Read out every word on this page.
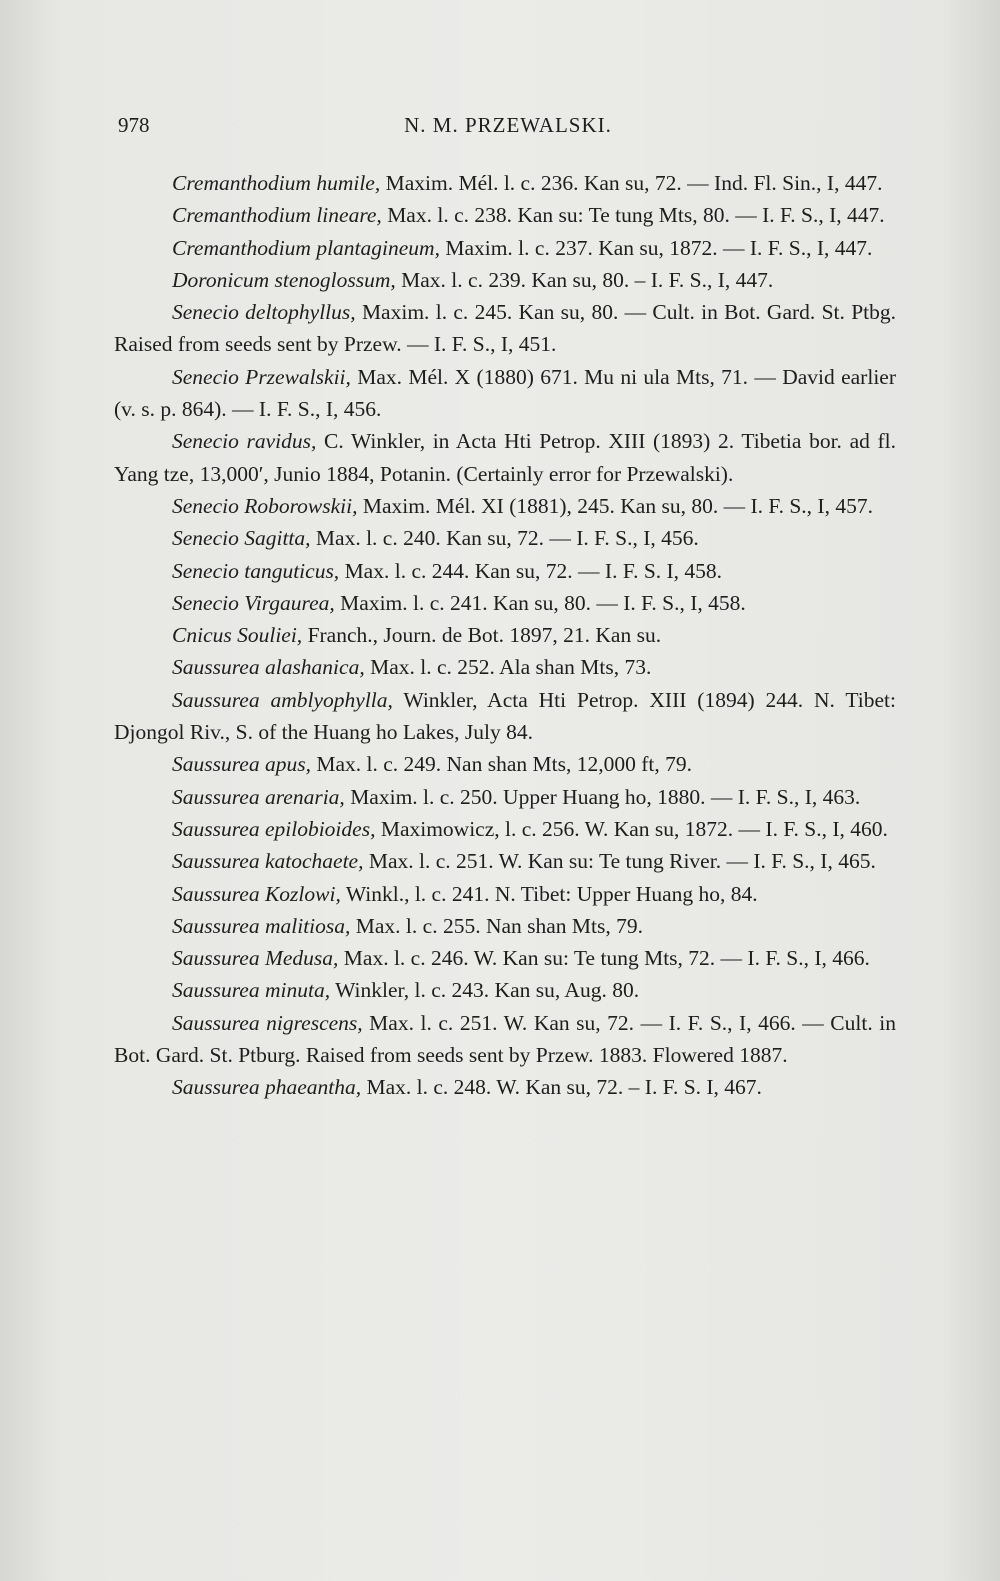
978	N. M. PRZEWALSKI.

Cremanthodium humile, Maxim. Mél. l. c. 236. Kan su, 72. — Ind. Fl. Sin., I, 447.

Cremanthodium lineare, Max. l. c. 238. Kan su: Te tung Mts, 80. — I. F. S., I, 447.

Cremanthodium plantagineum, Maxim. l. c. 237. Kan su, 1872. — I. F. S., I, 447.

Doronicum stenoglossum, Max. l. c. 239. Kan su, 80. – I. F. S., I, 447.

Senecio deltophyllus, Maxim. l. c. 245. Kan su, 80. — Cult. in Bot. Gard. St. Ptbg. Raised from seeds sent by Przew. — I. F. S., I, 451.

Senecio Przewalskii, Max. Mél. X (1880) 671. Mu ni ula Mts, 71. — David earlier (v. s. p. 864). — I. F. S., I, 456.

Senecio ravidus, C. Winkler, in Acta Hti Petrop. XIII (1893) 2. Tibetia bor. ad fl. Yang tze, 13,000′, Junio 1884, Potanin. (Certainly error for Przewalski).

Senecio Roborowskii, Maxim. Mél. XI (1881), 245. Kan su, 80. — I. F. S., I, 457.

Senecio Sagitta, Max. l. c. 240. Kan su, 72. — I. F. S., I, 456.

Senecio tanguticus, Max. l. c. 244. Kan su, 72. — I. F. S. I, 458.

Senecio Virgaurea, Maxim. l. c. 241. Kan su, 80. — I. F. S., I, 458.

Cnicus Souliei, Franch., Journ. de Bot. 1897, 21. Kan su.

Saussurea alashanica, Max. l. c. 252. Ala shan Mts, 73.

Saussurea amblyophylla, Winkler, Acta Hti Petrop. XIII (1894) 244. N. Tibet: Djongol Riv., S. of the Huang ho Lakes, July 84.

Saussurea apus, Max. l. c. 249. Nan shan Mts, 12,000 ft, 79.

Saussurea arenaria, Maxim. l. c. 250. Upper Huang ho, 1880. — I. F. S., I, 463.

Saussurea epilobioides, Maximowicz, l. c. 256. W. Kan su, 1872. — I. F. S., I, 460.

Saussurea katochaete, Max. l. c. 251. W. Kan su: Te tung River. — I. F. S., I, 465.

Saussurea Kozlowi, Winkl., l. c. 241. N. Tibet: Upper Huang ho, 84.

Saussurea malitiosa, Max. l. c. 255. Nan shan Mts, 79.

Saussurea Medusa, Max. l. c. 246. W. Kan su: Te tung Mts, 72. — I. F. S., I, 466.

Saussurea minuta, Winkler, l. c. 243. Kan su, Aug. 80.

Saussurea nigrescens, Max. l. c. 251. W. Kan su, 72. — I. F. S., I, 466. — Cult. in Bot. Gard. St. Ptburg. Raised from seeds sent by Przew. 1883. Flowered 1887.

Saussurea phaeantha, Max. l. c. 248. W. Kan su, 72. – I. F. S. I, 467.
